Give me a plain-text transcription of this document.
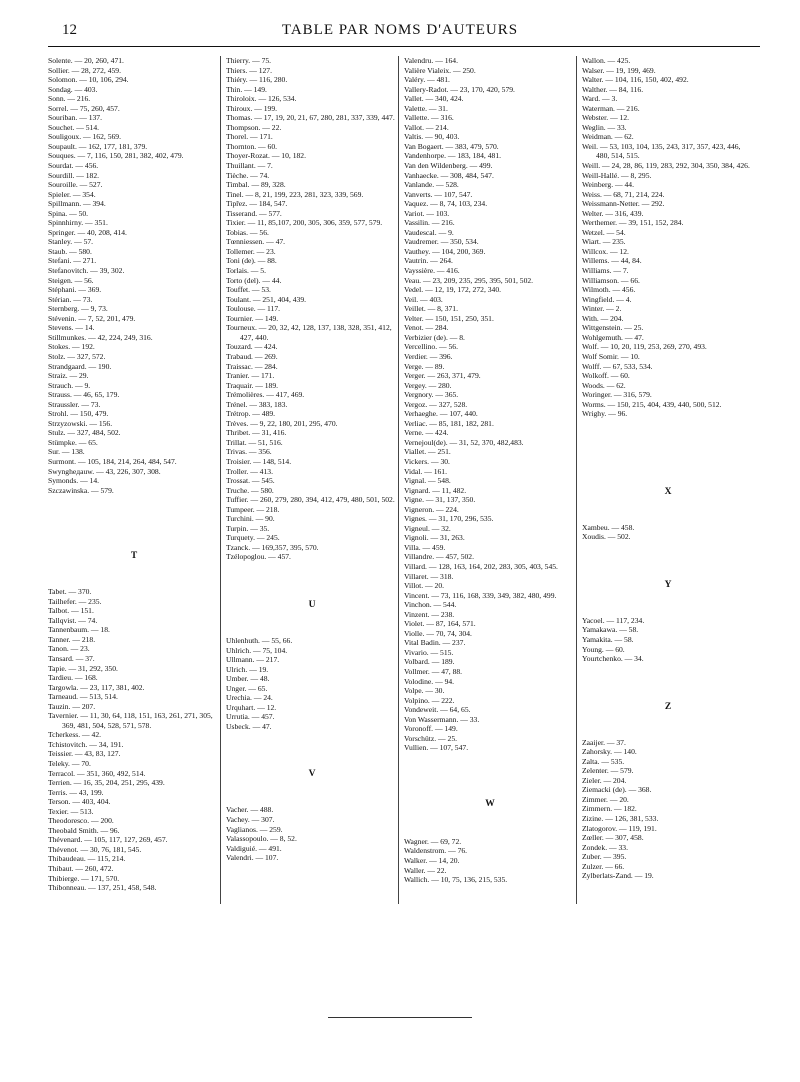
12	TABLE PAR NOMS D'AUTEURS
Solente. — 20, 260, 471.
Sollier. — 28, 272, 459.
Solomon. — 10, 106, 294.
Sondag. — 403.
Sonn. — 216.
Sorrel. — 75, 260, 457.
Souriban. — 137.
Souchet. — 514.
Souligoux. — 162, 569.
Soupault. — 162, 177, 181, 379.
Souques. — 7, 116, 150, 281, 382, 402, 479.
Sourdat. — 456.
Sourdill. — 182.
Souroille. — 527.
Spieler. — 354.
Spillmann. — 394.
Spina. — 50.
Spinnhirny. — 351.
Springer. — 40, 208, 414.
Stanley. — 57.
Staub. — 580.
Stefani. — 271.
Stefanovitch. — 39, 302.
Steigen. — 56.
Stéphani. — 369.
Stérian. — 73.
Sternberg. — 9, 73.
Stévenin. — 7, 52, 201, 479.
Stevens. — 14.
Stillmunkes. — 42, 224, 249, 316.
Stokes. — 192.
Stolz. — 327, 572.
Strandgaard. — 190.
Straiz. — 29.
Strauch. — 9.
Strauss. — 46, 65, 179.
Straussler. — 73.
Strohl. — 150, 479.
Strzyzowski. — 156.
Stulz. — 327, 484, 502.
Stümpke. — 65.
Sur. — 138.
Surmont. — 105, 184, 214, 264, 484, 547.
Swyngheдauw. — 43, 226, 307, 308.
Symonds. — 14.
Szczawinska. — 579.
T
Tabet. — 370.
Tailhefer. — 235.
Talbot. — 151.
Tallqvist. — 74.
Tannenbaum. — 18.
Tanner. — 218.
Tanon. — 23.
Tansard. — 37.
Tapie. — 31, 292, 350.
Tardieu. — 168.
Targowla. — 23, 117, 381, 402.
Tarneaud. — 513, 514.
Tauzin. — 207.
Tavernier. — 11, 30, 64, 118, 151, 163, 261, 271, 305, 369, 481, 504, 528, 571, 578.
Tcherkess. — 42.
Tchistovitch. — 34, 191.
Teissier. — 43, 83, 127.
Teleky. — 70.
Terracol. — 351, 360, 492, 514.
Terrien. — 16, 35, 204, 251, 295, 439.
Terris. — 43, 199.
Terson. — 403, 404.
Texier. — 513.
Theodoresco. — 200.
Theobald Smith. — 96.
Thévenard. — 105, 117, 127, 269, 457.
Thévenot. — 30, 76, 181, 545.
Thibaudeau. — 115, 214.
Thibaut. — 260, 472.
Thibierge. — 171, 570.
Thibonneau. — 137, 251, 458, 548.
Thierry. — 75.
Thiers. — 127.
Thiéry. — 116, 280.
Thin. — 149.
Thiroloix. — 126, 534.
Thiroux. — 199.
Thomas. — 17, 19, 20, 21, 67, 280, 281, 337, 339, 447.
Thompson. — 22.
Thorel. — 171.
Thornton. — 60.
Thoyer-Rozat. — 10, 182.
Thuillant. — 7.
Tièche. — 74.
Timbal. — 89, 328.
Tinel. — 8, 21, 199, 223, 281, 323, 339, 569.
Tipřez. — 184, 547.
Tisserand. — 577.
Tixier. — 11, 85,107, 200, 305, 306, 359, 577, 579.
Tobias. — 56.
Tœnniessen. — 47.
Tollemer. — 23.
Toni (de). — 88.
Torlais. — 5.
Torto (del). — 44.
Touffet. — 53.
Toulant. — 251, 404, 439.
Toulouse. — 117.
Tournier. — 149.
Tourneux. — 20, 32, 42, 128, 137, 138, 328, 351, 412, 427, 440.
Touzard. — 424.
Trabaud. — 269.
Traissac. — 284.
Tranier. — 171.
Traquair. — 189.
Trémolières. — 417, 469.
Trénel. — 383, 183.
Trétrop. — 489.
Trèves. — 9, 22, 180, 201, 295, 470.
Thribet. — 31, 416.
Trillat. — 51, 516.
Trivas. — 356.
Troisier. — 148, 514.
Troller. — 413.
Trossat. — 545.
Truche. — 580.
Tuffier. — 260, 279, 280, 394, 412, 479, 480, 501, 502.
Tumpeer. — 218.
Turchini. — 90.
Turpin. — 35.
Turquety. — 245.
Tzanck. — 169,357, 395, 570.
Tzélopoglou. — 457.
U
Uhlenhuth. — 55, 66.
Uhlrich. — 75, 104.
Ullmann. — 217.
Ulrich. — 19.
Umber. — 48.
Unger. — 65.
Urechia. — 24.
Urquhart. — 12.
Urrutia. — 457.
Usbeck. — 47.
V
Vacher. — 488.
Vachey. — 307.
Vaglianos. — 259.
Valassopoulo. — 8, 52.
Valdiguié. — 491.
Valendri. — 107.
Valendru. — 164.
Valière Vialeix. — 250.
Valéry. — 481.
Vallery-Radot. — 23, 170, 420, 579.
Vallet. — 340, 424.
Valette. — 31.
Vallette. — 316.
Vallot. — 214.
Valtis. — 90, 403.
Van Bogaert. — 383, 479, 570.
Vandenhorpe. — 183, 184, 481.
Van den Wildenberg. — 499.
Vanhaecke. — 308, 484, 547.
Vanlande. — 528.
Vanverts. — 107, 547.
Vaquez. — 8, 74, 103, 234.
Variot. — 103.
Vassilin. — 216.
Vaudescal. — 9.
Vaudremer. — 350, 534.
Vauthey. — 104, 200, 369.
Vautrin. — 264.
Vayssière. — 416.
Veau. — 23, 209, 235, 295, 395, 501, 502.
Vedel. — 12, 19, 172, 272, 340.
Veil. — 403.
Veillet. — 8, 371.
Velter. — 150, 151, 250, 351.
Venot. — 284.
Verbizier (de). — 8.
Vercellino. — 56.
Verdier. — 396.
Verge. — 89.
Verger. — 263, 371, 479.
Vergey. — 280.
Vergnory. — 365.
Vergoz. — 327, 528.
Verhaeghe. — 107, 440.
Verliac. — 85, 181, 182, 281.
Verne. — 424.
Vernejoul(de). — 31, 52, 370, 482,483.
Viallet. — 251.
Vickers. — 30.
Vidal. — 161.
Vignal. — 548.
Vignard. — 11, 482.
Vigne. — 31, 137, 350.
Vigneron. — 224.
Vignes. — 31, 170, 296, 535.
Vigneul. — 32.
Vignoli. — 31, 263.
Villa. — 459.
Villandre. — 457, 502.
Villard. — 128, 163, 164, 202, 283, 305, 403, 545.
Villaret. — 318.
Villot. — 20.
Vincent. — 73, 116, 168, 339, 349, 382, 480, 499.
Vinchon. — 544.
Vinzent. — 238.
Violet. — 87, 164, 571.
Violle. — 70, 74, 304.
Vital Badin. — 237.
Vivario. — 515.
Volbard. — 189.
Vollmer. — 47, 88.
Volodine. — 94.
Volpe. — 30.
Volpino. — 222.
Vondeweit. — 64, 65.
Von Wassermann. — 33.
Voronoff. — 149.
Vorschütz. — 25.
Vullien. — 107, 547.
W
Wagner. — 69, 72.
Waldenstrom. — 76.
Walker. — 14, 20.
Waller. — 22.
Wallich. — 10, 75, 136, 215, 535.
Wallon. — 425.
Walser. — 19, 199, 469.
Walter. — 104, 116, 150, 402, 492.
Walther. — 84, 116.
Ward. — 3.
Waterman. — 216.
Webster. — 12.
Weglin. — 33.
Weidman. — 62.
Weil. — 53, 103, 104, 135, 243, 317, 357, 423, 446, 480, 514, 515.
Weill. — 24, 28, 86, 119, 283, 292, 304, 350, 384, 426.
Weill-Hallé. — 8, 295.
Weinberg. — 44.
Weiss. — 68, 71, 214, 224.
Weissmann-Netter. — 292.
Welter. — 316, 439.
Werthemer. — 39, 151, 152, 284.
Wetzel. — 54.
Wiart. — 235.
Willcox. — 12.
Willems. — 44, 84.
Williams. — 7.
Williamson. — 66.
Wilmoth. — 456.
Wingfield. — 4.
Winter. — 2.
With. — 204.
Wittgenstein. — 25.
Wohlgemuth. — 47.
Wolf. — 10, 20, 119, 253, 269, 270, 493.
Wolf Somir. — 10.
Wolff. — 67, 533, 534.
Wolkoff. — 60.
Woods. — 62.
Woringer. — 316, 579.
Worms. — 150, 215, 404, 439, 440, 500, 512.
Wrighy. — 96.
X
Xambeu. — 458.
Xoudis. — 502.
Y
Yacoel. — 117, 234.
Yamakawa. — 58.
Yamakita. — 58.
Young. — 60.
Yourtchenko. — 34.
Z
Zaaijer. — 37.
Zahorsky. — 140.
Zalta. — 535.
Zelenter. — 579.
Zieler. — 204.
Ziemacki (de). — 368.
Zimmer. — 20.
Zimmern. — 182.
Zizine. — 126, 381, 533.
Zlatogorov. — 119, 191.
Zœller. — 307, 458.
Zondek. — 33.
Zuber. — 395.
Zulzer. — 66.
Zylberlats-Zand. — 19.
